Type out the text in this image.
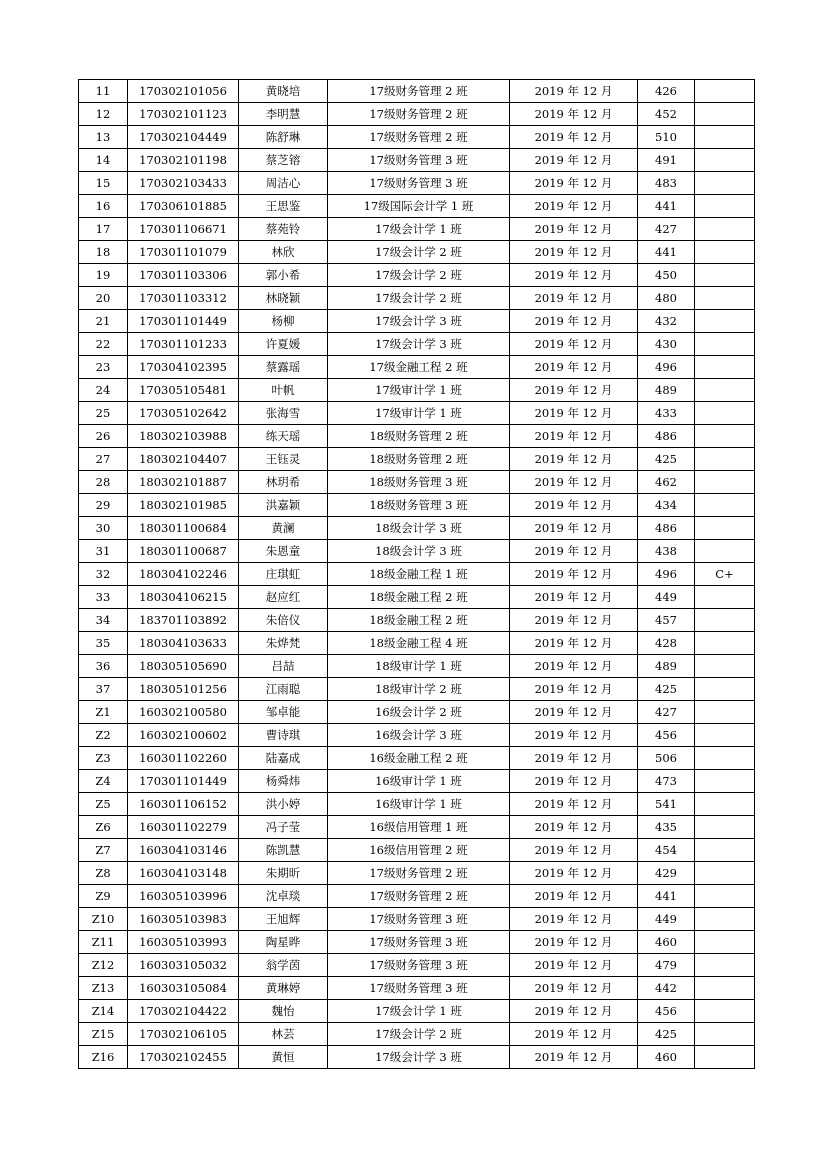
11	170302101056	黄晓培	17级财务管理 2 班	2019 年 12 月	426	
12	170302101123	李明慧	17级财务管理 2 班	2019 年 12 月	452	
13	170302104449	陈舒琳	17级财务管理 2 班	2019 年 12 月	510	
14	170302101198	蔡芝镕	17级财务管理 3 班	2019 年 12 月	491	
15	170302103433	周洁心	17级财务管理 3 班	2019 年 12 月	483	
16	170306101885	王思鉴	17级国际会计学 1 班	2019 年 12 月	441	
17	170301106671	蔡苑铃	17级会计学 1 班	2019 年 12 月	427	
18	170301101079	林欣	17级会计学 2 班	2019 年 12 月	441	
19	170301103306	郭小希	17级会计学 2 班	2019 年 12 月	450	
20	170301103312	林晓颖	17级会计学 2 班	2019 年 12 月	480	
21	170301101449	杨柳	17级会计学 3 班	2019 年 12 月	432	
22	170301101233	许夏媛	17级会计学 3 班	2019 年 12 月	430	
23	170304102395	蔡露瑶	17级金融工程 2 班	2019 年 12 月	496	
24	170305105481	叶帆	17级审计学 1 班	2019 年 12 月	489	
25	170305102642	张海雪	17级审计学 1 班	2019 年 12 月	433	
26	180302103988	练天瑶	18级财务管理 2 班	2019 年 12 月	486	
27	180302104407	王钰灵	18级财务管理 2 班	2019 年 12 月	425	
28	180302101887	林玥希	18级财务管理 3 班	2019 年 12 月	462	
29	180302101985	洪嘉颖	18级财务管理 3 班	2019 年 12 月	434	
30	180301100684	黄澜	18级会计学 3 班	2019 年 12 月	486	
31	180301100687	朱恩童	18级会计学 3 班	2019 年 12 月	438	
32	180304102246	庄琪虹	18级金融工程 1 班	2019 年 12 月	496	C+
33	180304106215	赵应红	18级金融工程 2 班	2019 年 12 月	449	
34	183701103892	朱倍仪	18级金融工程 2 班	2019 年 12 月	457	
35	180304103633	朱烨梵	18级金融工程 4 班	2019 年 12 月	428	
36	180305105690	吕喆	18级审计学 1 班	2019 年 12 月	489	
37	180305101256	江雨聪	18级审计学 2 班	2019 年 12 月	425	
Z1	160302100580	邹卓能	16级会计学 2 班	2019 年 12 月	427	
Z2	160302100602	曹诗琪	16级会计学 3 班	2019 年 12 月	456	
Z3	160301102260	陆嘉成	16级金融工程 2 班	2019 年 12 月	506	
Z4	170301101449	杨舜炜	16级审计学 1 班	2019 年 12 月	473	
Z5	160301106152	洪小婷	16级审计学 1 班	2019 年 12 月	541	
Z6	160301102279	冯子莹	16级信用管理 1 班	2019 年 12 月	435	
Z7	160304103146	陈凯慧	16级信用管理 2 班	2019 年 12 月	454	
Z8	160304103148	朱期昕	17级财务管理 2 班	2019 年 12 月	429	
Z9	160305103996	沈卓琰	17级财务管理 2 班	2019 年 12 月	441	
Z10	160305103983	王旭辉	17级财务管理 3 班	2019 年 12 月	449	
Z11	160305103993	陶星晔	17级财务管理 3 班	2019 年 12 月	460	
Z12	160303105032	翁学茵	17级财务管理 3 班	2019 年 12 月	479	
Z13	160303105084	黄琳婷	17级财务管理 3 班	2019 年 12 月	442	
Z14	170302104422	魏怡	17级会计学 1 班	2019 年 12 月	456	
Z15	170302106105	林芸	17级会计学 2 班	2019 年 12 月	425	
Z16	170302102455	黄恒	17级会计学 3 班	2019 年 12 月	460	
